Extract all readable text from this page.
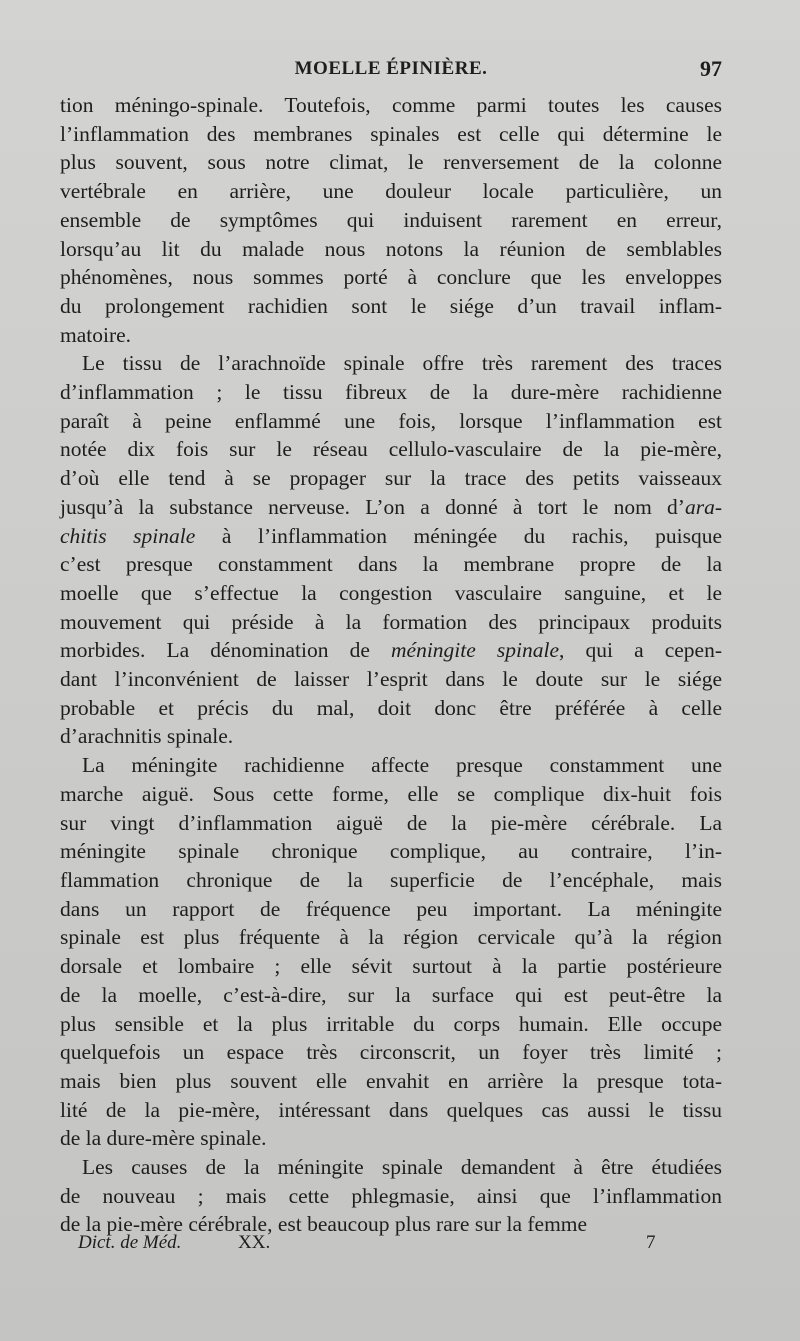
MOELLE ÉPINIÈRE.	97

tion méningo-spinale. Toutefois, comme parmi toutes les causes

l’inflammation des membranes spinales est celle qui détermine le

plus souvent, sous notre climat, le renversement de la colonne

vertébrale en arrière, une douleur locale particulière, un

ensemble de symptômes qui induisent rarement en erreur,

lorsqu’au lit du malade nous notons la réunion de semblables

phénomènes, nous sommes porté à conclure que les enveloppes

du prolongement rachidien sont le siége d’un travail inflam-

matoire.

Le tissu de l’arachnoïde spinale offre très rarement des traces

d’inflammation ; le tissu fibreux de la dure-mère rachidienne

paraît à peine enflammé une fois, lorsque l’inflammation est

notée dix fois sur le réseau cellulo-vasculaire de la pie-mère,

d’où elle tend à se propager sur la trace des petits vaisseaux

jusqu’à la substance nerveuse. L’on a donné à tort le nom d’ara-

chitis spinale à l’inflammation méningée du rachis, puisque

c’est presque constamment dans la membrane propre de la

moelle que s’effectue la congestion vasculaire sanguine, et le

mouvement qui préside à la formation des principaux produits

morbides. La dénomination de méningite spinale, qui a cepen-

dant l’inconvénient de laisser l’esprit dans le doute sur le siége

probable et précis du mal, doit donc être préférée à celle

d’arachnitis spinale.

La méningite rachidienne affecte presque constamment une

marche aiguë. Sous cette forme, elle se complique dix-huit fois

sur vingt d’inflammation aiguë de la pie-mère cérébrale. La

méningite spinale chronique complique, au contraire, l’in-

flammation chronique de la superficie de l’encéphale, mais

dans un rapport de fréquence peu important. La méningite

spinale est plus fréquente à la région cervicale qu’à la région

dorsale et lombaire ; elle sévit surtout à la partie postérieure

de la moelle, c’est-à-dire, sur la surface qui est peut-être la

plus sensible et la plus irritable du corps humain. Elle occupe

quelquefois un espace très circonscrit, un foyer très limité ;

mais bien plus souvent elle envahit en arrière la presque tota-

lité de la pie-mère, intéressant dans quelques cas aussi le tissu

de la dure-mère spinale.

Les causes de la méningite spinale demandent à être étudiées

de nouveau ; mais cette phlegmasie, ainsi que l’inflammation

de la pie-mère cérébrale, est beaucoup plus rare sur la femme

Dict. de Méd.	XX.	7
